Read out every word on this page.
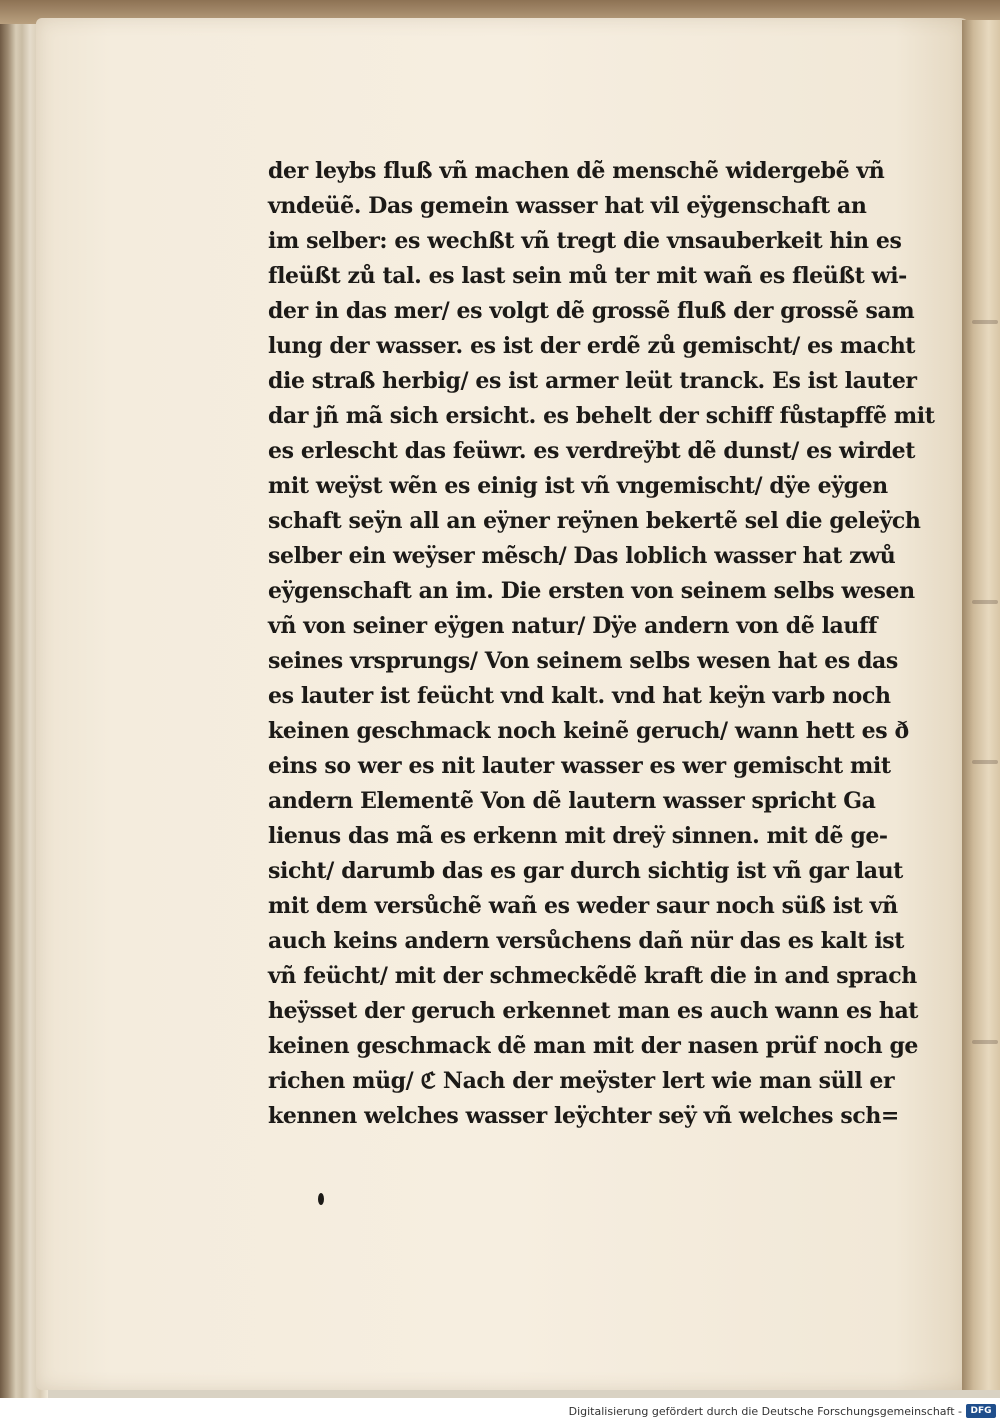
der leybs fluß vñ machen dẽ menschẽ widergebẽ vñ
vndeüẽ. Das gemein wasser hat vil eÿgenschaft an
im selber: es wechßt vñ tregt die vnsauberkeit hin es
fleüßt zů tal. es last sein mů ter mit wañ es fleüßt wi-
der in das mer/ es volgt dẽ grossẽ fluß der grossẽ sam
lung der wasser. es ist der erdẽ zů gemischt/ es macht
die straß herbig/ es ist armer leüt tranck. Es ist lauter
dar jñ mã sich ersicht. es behelt der schiff fůstapffẽ mit
es erlescht das feüwr. es verdreÿbt dẽ dunst/ es wirdet
mit weÿst wẽn es einig ist vñ vngemischt/ dÿe eÿgen
schaft seÿn all an eÿner reÿnen bekertẽ sel die geleÿch
selber ein weÿser mẽsch/ Das loblich wasser hat zwů
eÿgenschaft an im. Die ersten von seinem selbs wesen
vñ von seiner eÿgen natur/ Dÿe andern von dẽ lauff
seines vrsprungs/ Von seinem selbs wesen hat es das
es lauter ist feücht vnd kalt. vnd hat keÿn varb noch
keinen geschmack noch keinẽ geruch/ wann hett es ð
eins so wer es nit lauter wasser es wer gemischt mit
andern Elementẽ Von dẽ lautern wasser spricht Ga
lienus das mã es erkenn mit dreÿ sinnen. mit dẽ ge-
sicht/ darumb das es gar durch sichtig ist vñ gar laut
mit dem versůchẽ wañ es weder saur noch süß ist vñ
auch keins andern versůchens dañ nür das es kalt ist
vñ feücht/ mit der schmeckẽdẽ kraft die in and sprach
heÿsset der geruch erkennet man es auch wann es hat
keinen geschmack dẽ man mit der nasen prüf noch ge
richen müg/ ℭ Nach der meÿster lert wie man süll er
kennen welches wasser leÿchter seÿ vñ welches sch=
Digitalisierung gefördert durch die Deutsche Forschungsgemeinschaft - DFG
